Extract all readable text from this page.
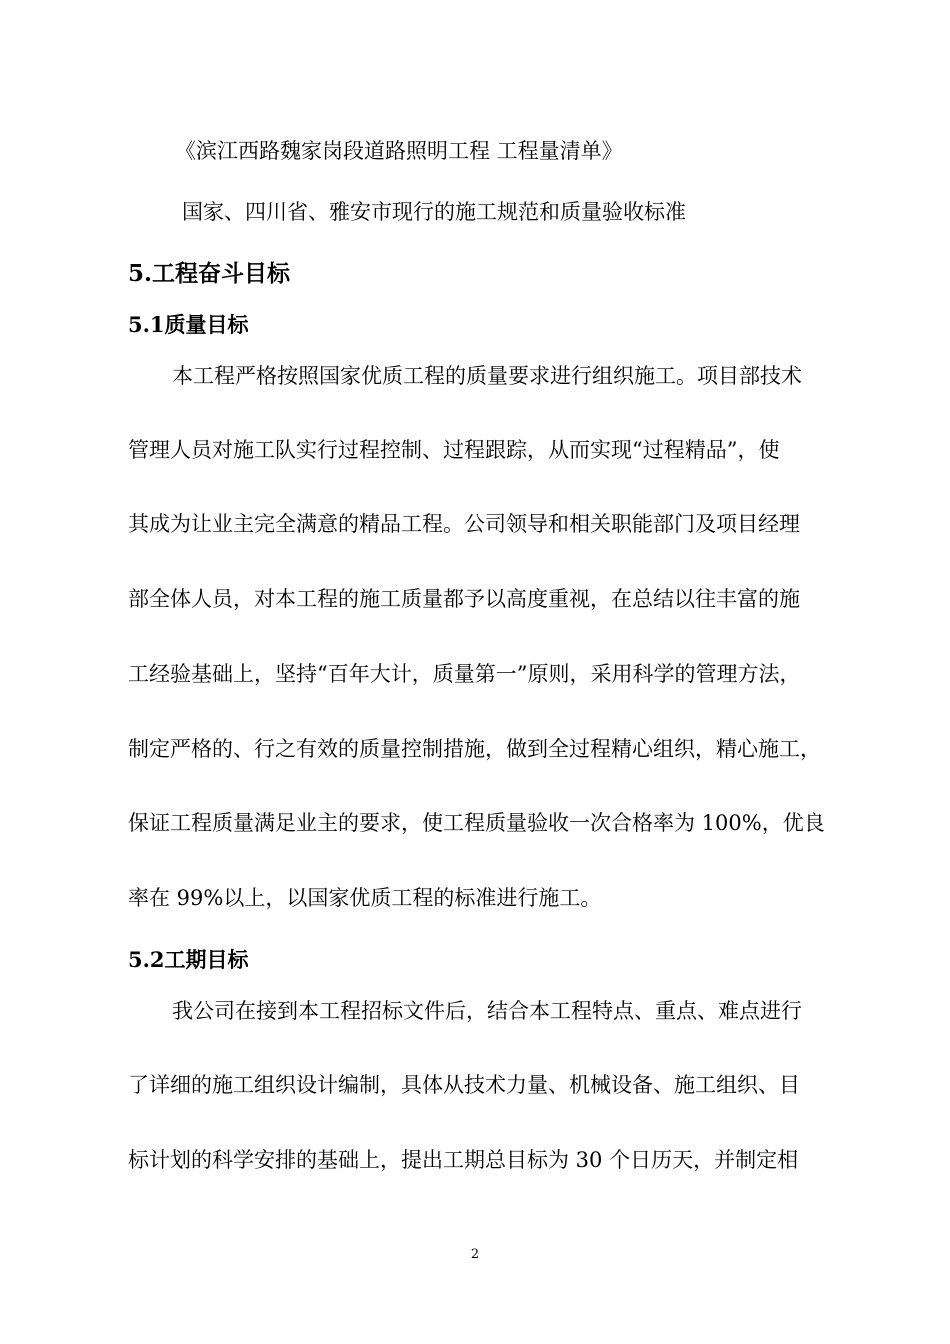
《滨江西路魏家岗段道路照明工程 工程量清单》
国家、四川省、雅安市现行的施工规范和质量验收标准
5.工程奋斗目标
5.1质量目标
本工程严格按照国家优质工程的质量要求进行组织施工。项目部技术
管理人员对施工队实行过程控制、过程跟踪，从而实现“过程精品”，使
其成为让业主完全满意的精品工程。公司领导和相关职能部门及项目经理
部全体人员，对本工程的施工质量都予以高度重视，在总结以往丰富的施
工经验基础上，坚持“百年大计，质量第一”原则，采用科学的管理方法，
制定严格的、行之有效的质量控制措施，做到全过程精心组织，精心施工，
保证工程质量满足业主的要求，使工程质量验收一次合格率为 100%，优良
率在 99%以上，以国家优质工程的标准进行施工。
5.2工期目标
我公司在接到本工程招标文件后，结合本工程特点、重点、难点进行
了详细的施工组织设计编制，具体从技术力量、机械设备、施工组织、目
标计划的科学安排的基础上，提出工期总目标为 30 个日历天，并制定相
2
